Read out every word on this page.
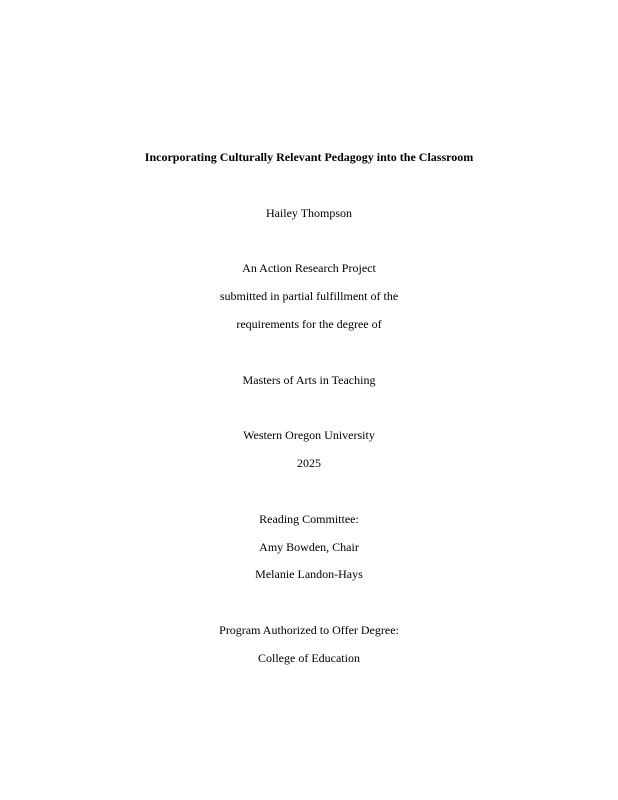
Incorporating Culturally Relevant Pedagogy into the Classroom
Hailey Thompson
An Action Research Project
submitted in partial fulfillment of the
requirements for the degree of
Masters of Arts in Teaching
Western Oregon University
2025
Reading Committee:
Amy Bowden, Chair
Melanie Landon-Hays
Program Authorized to Offer Degree:
College of Education
